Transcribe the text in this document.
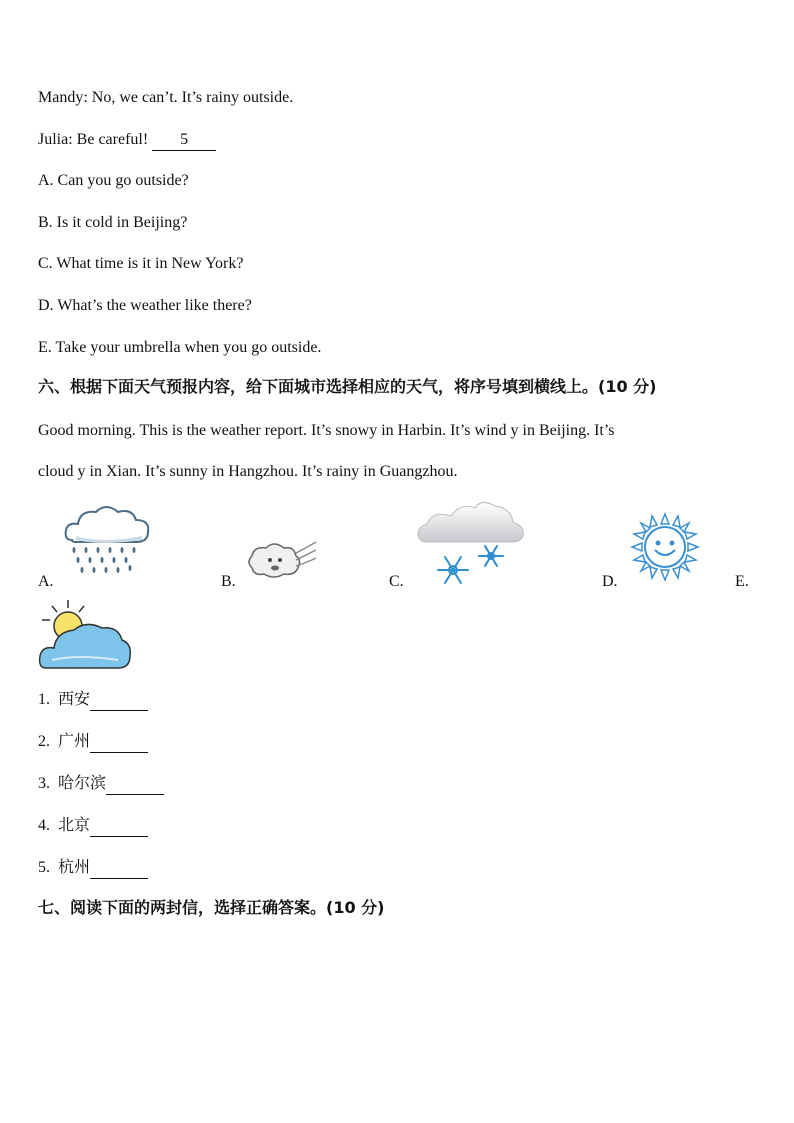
Mandy: No, we can’t. It’s rainy outside.
Julia: Be careful! 5
A. Can you go outside?
B. Is it cold in Beijing?
C. What time is it in New York?
D. What’s the weather like there?
E. Take your umbrella when you go outside.
六、根据下面天气预报内容，给下面城市选择相应的天气，将序号填到横线上。(10 分)
Good morning. This is the weather report. It’s snowy in Harbin. It’s wind y in Beijing. It’s
cloud y in Xian. It’s sunny in Hangzhou. It’s rainy in Guangzhou.
A.	B.	C.	D.	E.
1. 西安
2. 广州
3. 哈尔滨
4. 北京
5. 杭州
七、阅读下面的两封信，选择正确答案。(10 分)
